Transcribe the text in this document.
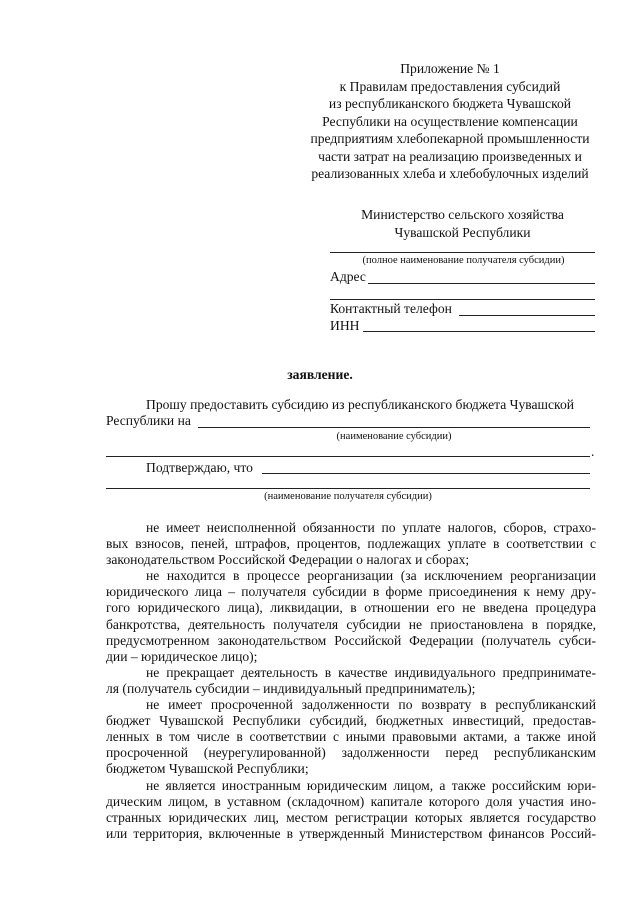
Приложение № 1
к Правилам предоставления субсидий
из республиканского бюджета Чувашской
Республики на осуществление компенсации
предприятиям хлебопекарной промышленности
части затрат на реализацию произведенных и
реализованных хлеба и хлебобулочных изделий
Министерство сельского хозяйства
Чувашской Республики
(полное наименование получателя субсидии)
Адрес
Контактный телефон
ИНН
заявление.
Прошу предоставить субсидию из республиканского бюджета Чувашской
Республики на
(наименование субсидии)
.
Подтверждаю, что
(наименование получателя субсидии)
не имеет неисполненной обязанности по уплате налогов, сборов, страхо-
вых взносов, пеней, штрафов, процентов, подлежащих уплате в соответствии с
законодательством Российской Федерации о налогах и сборах;
не находится в процессе реорганизации (за исключением реорганизации
юридического лица – получателя субсидии в форме присоединения к нему дру-
гого юридического лица), ликвидации, в отношении его не введена процедура
банкротства, деятельность получателя субсидии не приостановлена в порядке,
предусмотренном законодательством Российской Федерации (получатель субси-
дии – юридическое лицо);
не прекращает деятельность в качестве индивидуального предпринимате-
ля (получатель субсидии – индивидуальный предприниматель);
не имеет просроченной задолженности по возврату в республиканский
бюджет Чувашской Республики субсидий, бюджетных инвестиций, предостав-
ленных в том числе в соответствии с иными правовыми актами, а также иной
просроченной (неурегулированной) задолженности перед республиканским
бюджетом Чувашской Республики;
не является иностранным юридическим лицом, а также российским юри-
дическим лицом, в уставном (складочном) капитале которого доля участия ино-
странных юридических лиц, местом регистрации которых является государство
или территория, включенные в утвержденный Министерством финансов Россий-
